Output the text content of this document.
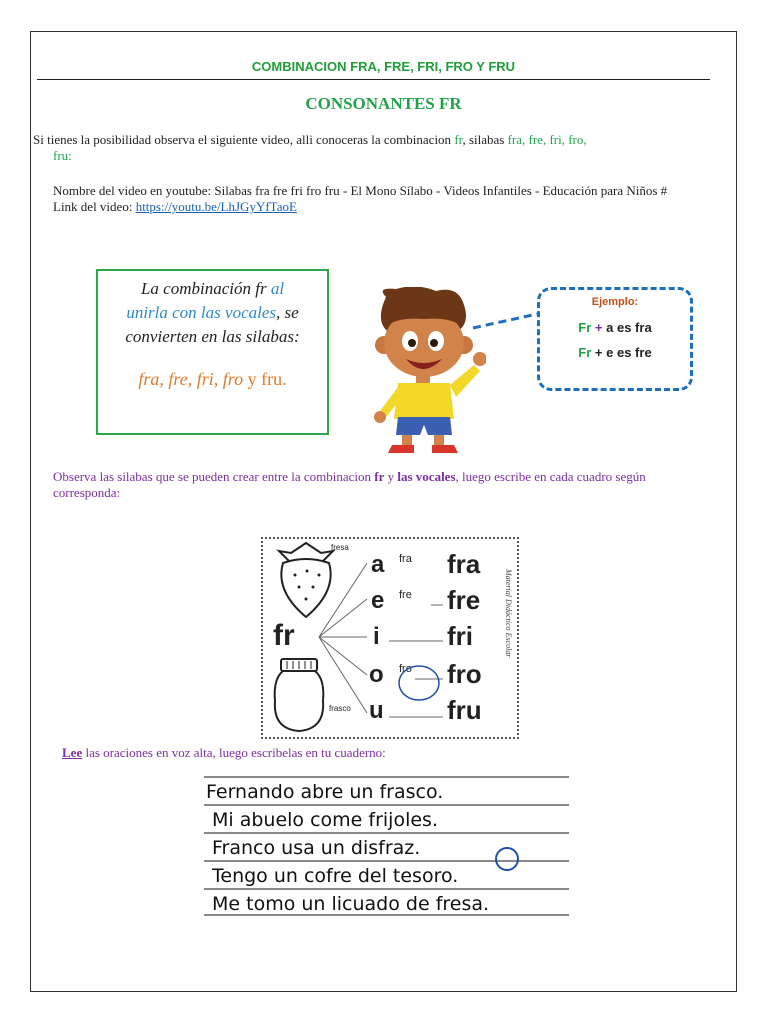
COMBINACION FRA, FRE, FRI, FRO Y FRU
CONSONANTES FR
Si tienes la posibilidad observa el siguiente video, alli conoceras la combinacion fr, silabas fra, fre, fri, fro,
fru:
Nombre del video en youtube: Silabas fra fre fri fro fru - El Mono Sílabo - Videos Infantiles - Educación para Niños #
Link del video: https://youtu.be/LhJGyYfTaoE
La combinación fr al
unirla con las vocales, se
convierten en las silabas:
fra, fre, fri, fro y fru.
Ejemplo:
Fr + a es fra
Fr + e es fre
Observa las silabas que se pueden crear entre la combinacion fr y las vocales, luego escribe en cada cuadro según corresponda:
fresa
fr
frasco
a
e
i
o
u
fra
fre
fro
fra
fre
fri
fro
fru
Material Didáctico Escolar
Lee las oraciones en voz alta, luego escribelas en tu cuaderno:
Fernando abre un frasco.
Mi abuelo come frijoles.
Franco usa un disfraz.
Tengo un cofre del tesoro.
Me tomo un licuado de fresa.
